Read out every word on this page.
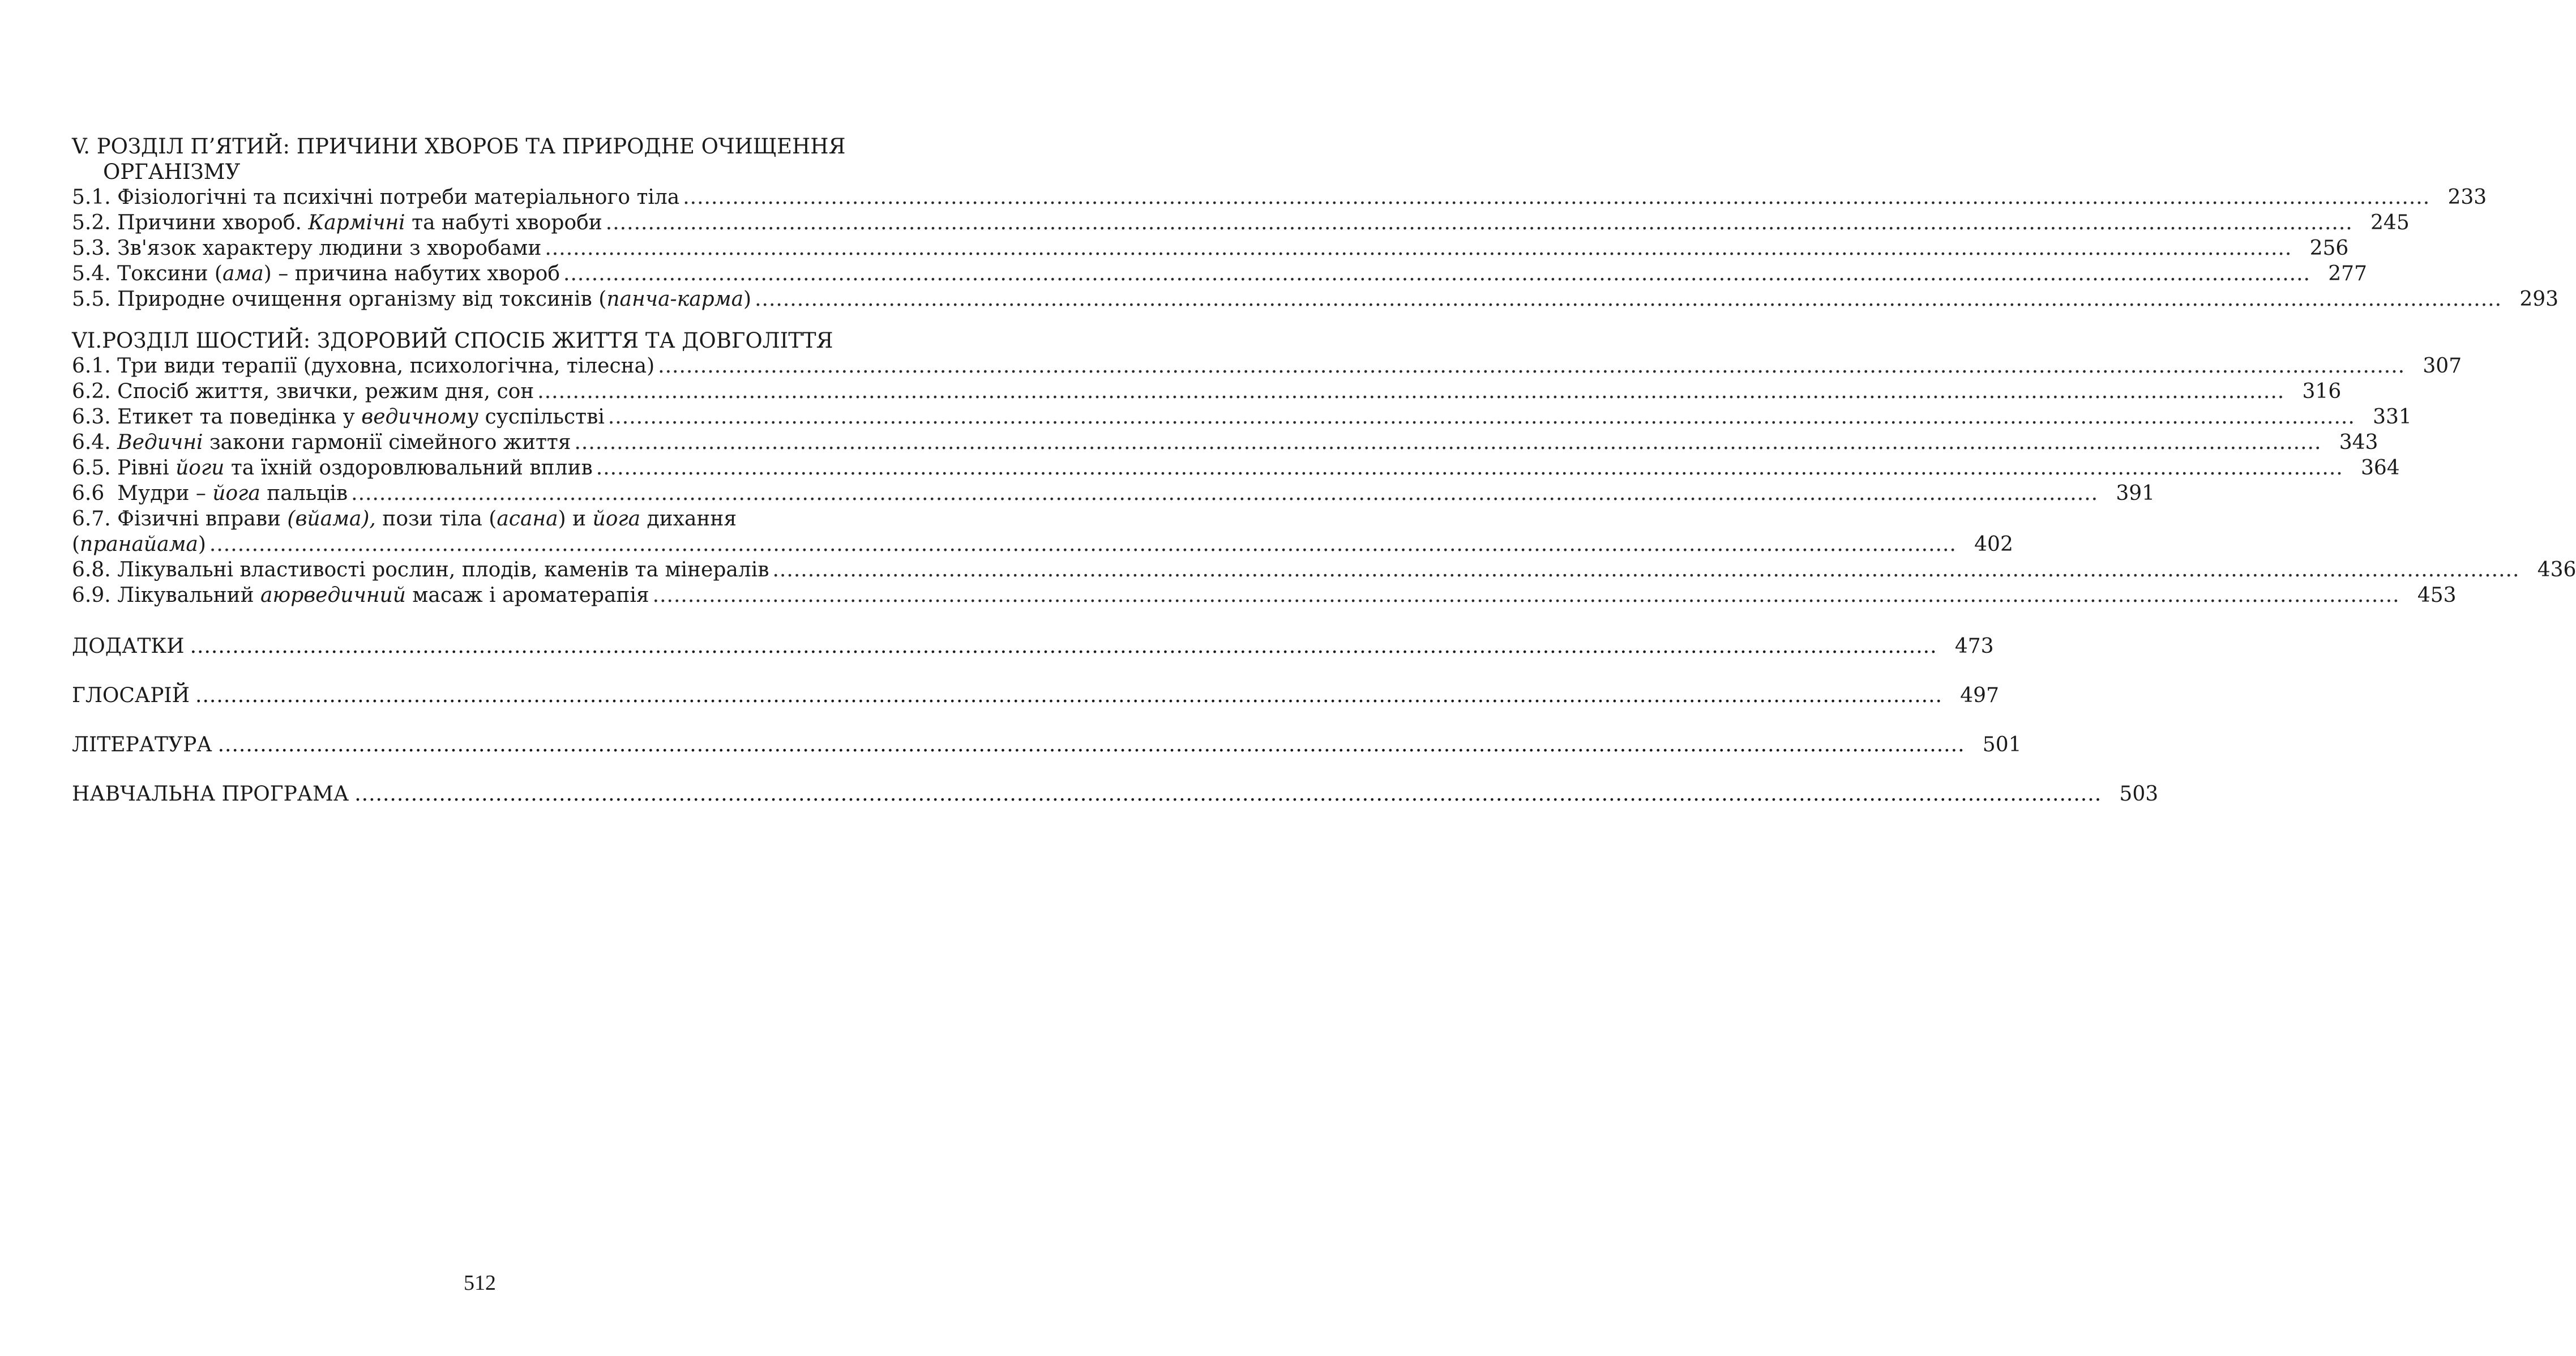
V. РОЗДІЛ П’ЯТИЙ: ПРИЧИНИ ХВОРОБ ТА ПРИРОДНЕ ОЧИЩЕННЯ
ОРГАНІЗМУ
5.1. Фізіологічні та психічні потреби матеріального тіла .....	233
5.2. Причини хвороб. Кармічні та набуті хвороби .....	245
5.3. Зв'язок характеру людини з хворобами .....	256
5.4. Токсини (ама) – причина набутих хвороб .....	277
5.5. Природне очищення організму від токсинів (панча-карма) .....	293
VI.РОЗДІЛ ШОСТИЙ: ЗДОРОВИЙ СПОСІБ ЖИТТЯ ТА ДОВГОЛІТТЯ
6.1. Три види терапії (духовна, психологічна, тілесна) .....	307
6.2. Спосіб життя, звички, режим дня, сон .....	316
6.3. Етикет та поведінка у ведичному суспільстві .....	331
6.4. Ведичні закони гармонії сімейного життя .....	343
6.5. Рівні йоги та їхній оздоровлювальний вплив .....	364
6.6 Мудри – йога пальців .....	391
6.7. Фізичні вправи (вйама), пози тіла (асана) и йога дихання
(пранайама) .....	402
6.8. Лікувальні властивості рослин, плодів, каменів та мінералів .....	436
6.9. Лікувальний аюрведичний масаж і ароматерапія .....	453
ДОДАТКИ .....	473
ГЛОСАРІЙ .....	497
ЛІТЕРАТУРА .....	501
НАВЧАЛЬНА ПРОГРАМА .....	503
512
